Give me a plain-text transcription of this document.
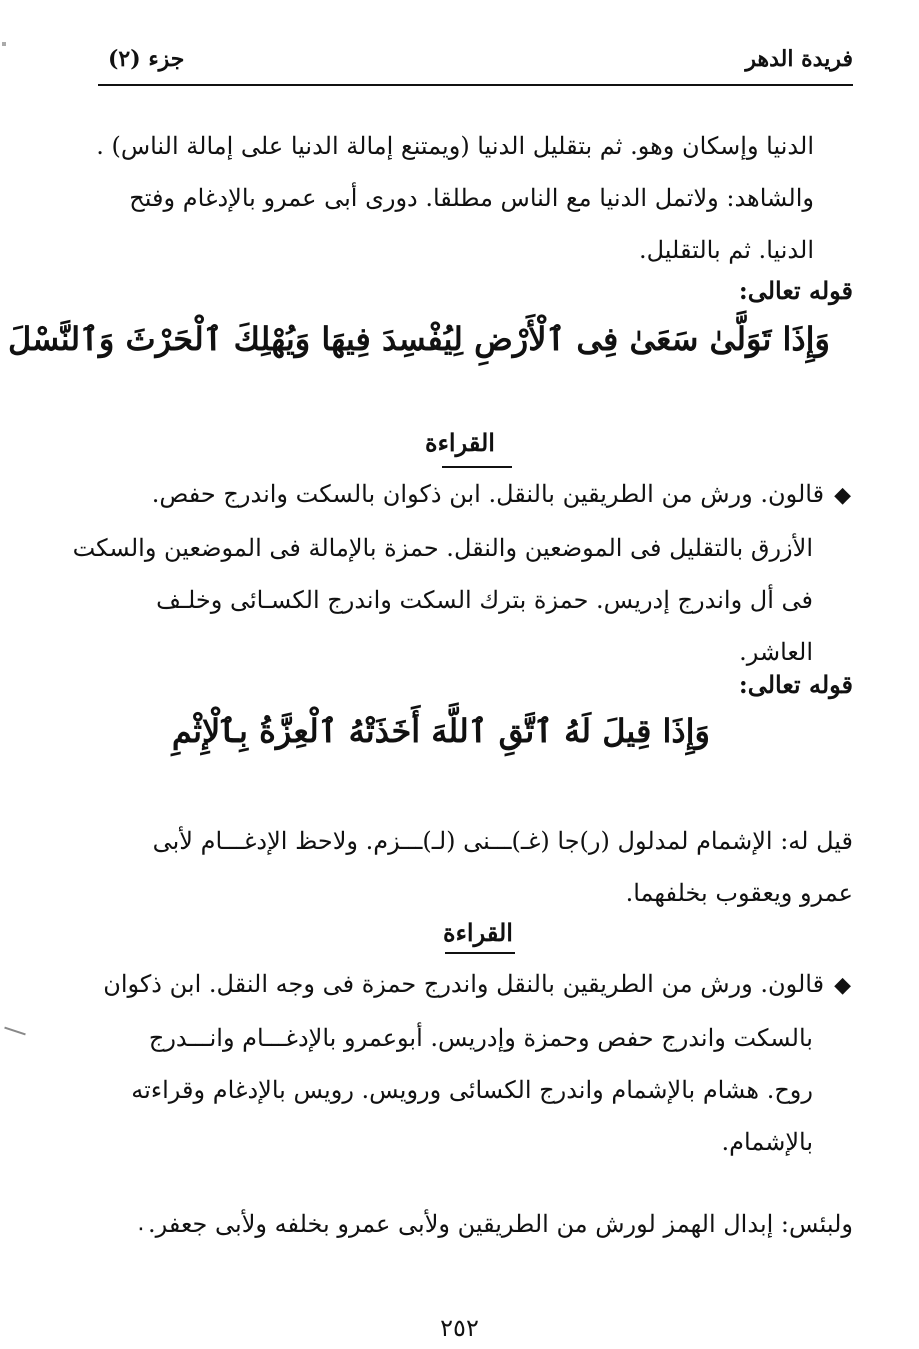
فريدة الدهر
جزء (٢)
الدنيا وإسكان وهو. ثم بتقليل الدنيا (ويمتنع إمالة الدنيا على إمالة الناس) .
والشاهد: ولاتمل الدنيا مع الناس مطلقا. دورى أبى عمرو بالإدغام وفتح
الدنيا. ثم بالتقليل.
قوله تعالى:
وَإِذَا تَوَلَّىٰ سَعَىٰ فِى ٱلْأَرْضِ لِيُفْسِدَ فِيهَا وَيُهْلِكَ ٱلْحَرْثَ وَٱلنَّسْلَ
القراءة
◆قالون. ورش من الطريقين بالنقل. ابن ذكوان بالسكت واندرج حفص.
الأزرق بالتقليل فى الموضعين والنقل. حمزة بالإمالة فى الموضعين والسكت
فى أل واندرج إدريس. حمزة بترك السكت واندرج الكسـائى وخلـف
العاشر.
قوله تعالى:
وَإِذَا قِيلَ لَهُ ٱتَّقِ ٱللَّهَ أَخَذَتْهُ ٱلْعِزَّةُ بِٱلْإِثْمِ
قيل له: الإشمام لمدلول (ر)جا (غـ)ـــنى (لـ)ـــزم. ولاحظ الإدغـــام لأبى
عمرو ويعقوب بخلفهما.
القراءة
◆قالون. ورش من الطريقين بالنقل واندرج حمزة فى وجه النقل. ابن ذكوان
بالسكت واندرج حفص وحمزة وإدريس. أبوعمرو بالإدغـــام وانـــدرج
روح. هشام بالإشمام واندرج الكسائى ورويس. رويس بالإدغام وقراءته
بالإشمام.
ولبئس: إبدال الهمز لورش من الطريقين ولأبى عمرو بخلفه ولأبى جعفر.
٠
٢٥٢
